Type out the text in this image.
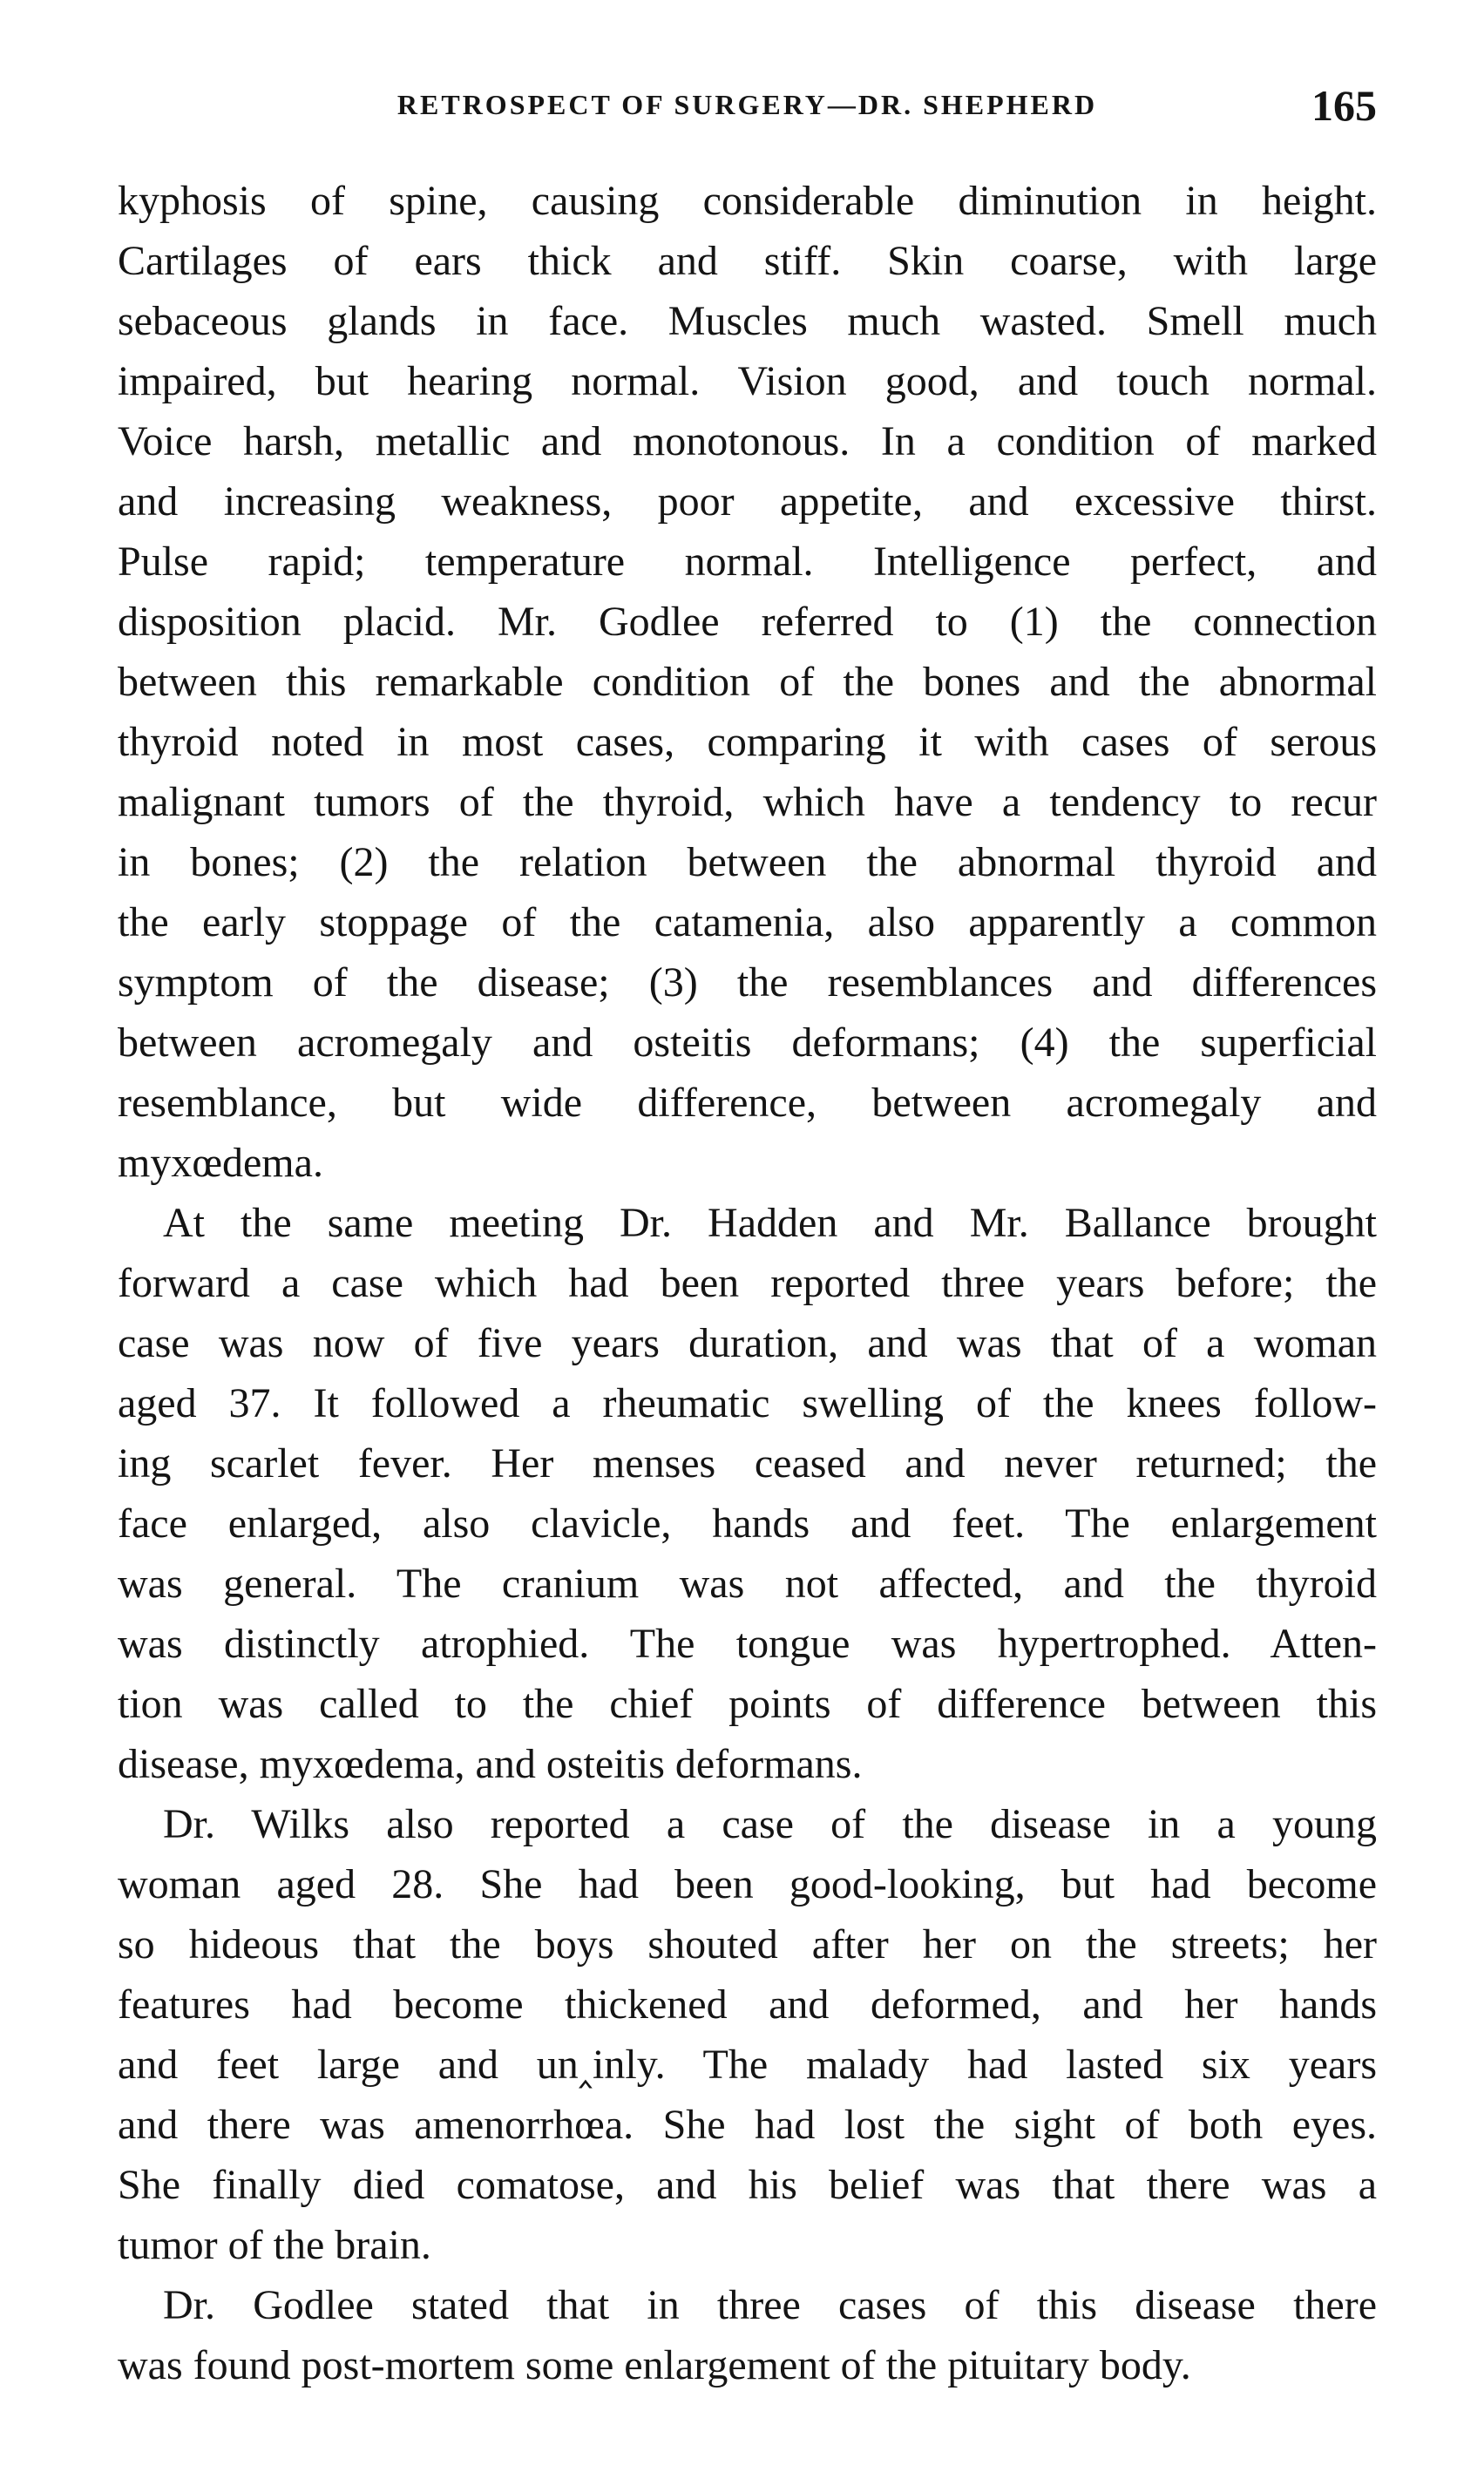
RETROSPECT OF SURGERY—DR. SHEPHERD	165
kyphosis of spine, causing considerable diminution in height.
Cartilages of ears thick and stiff. Skin coarse, with large
sebaceous glands in face. Muscles much wasted. Smell much
impaired, but hearing normal. Vision good, and touch normal.
Voice harsh, metallic and monotonous. In a condition of marked
and increasing weakness, poor appetite, and excessive thirst.
Pulse rapid; temperature normal. Intelligence perfect, and
disposition placid. Mr. Godlee referred to (1) the connection
between this remarkable condition of the bones and the abnormal
thyroid noted in most cases, comparing it with cases of serous
malignant tumors of the thyroid, which have a tendency to recur
in bones; (2) the relation between the abnormal thyroid and
the early stoppage of the catamenia, also apparently a common
symptom of the disease; (3) the resemblances and differences
between acromegaly and osteitis deformans; (4) the superficial
resemblance, but wide difference, between acromegaly and
myxœdema.
At the same meeting Dr. Hadden and Mr. Ballance brought
forward a case which had been reported three years before; the
case was now of five years duration, and was that of a woman
aged 37. It followed a rheumatic swelling of the knees follow-
ing scarlet fever. Her menses ceased and never returned; the
face enlarged, also clavicle, hands and feet. The enlargement
was general. The cranium was not affected, and the thyroid
was distinctly atrophied. The tongue was hypertrophed. Atten-
tion was called to the chief points of difference between this
disease, myxœdema, and osteitis deformans.
Dr. Wilks also reported a case of the disease in a young
woman aged 28. She had been good-looking, but had become
so hideous that the boys shouted after her on the streets; her
features had become thickened and deformed, and her hands
and feet large and un‸inly. The malady had lasted six years
and there was amenorrhœa. She had lost the sight of both eyes.
She finally died comatose, and his belief was that there was a
tumor of the brain.
Dr. Godlee stated that in three cases of this disease there
was found post-mortem some enlargement of the pituitary body.
